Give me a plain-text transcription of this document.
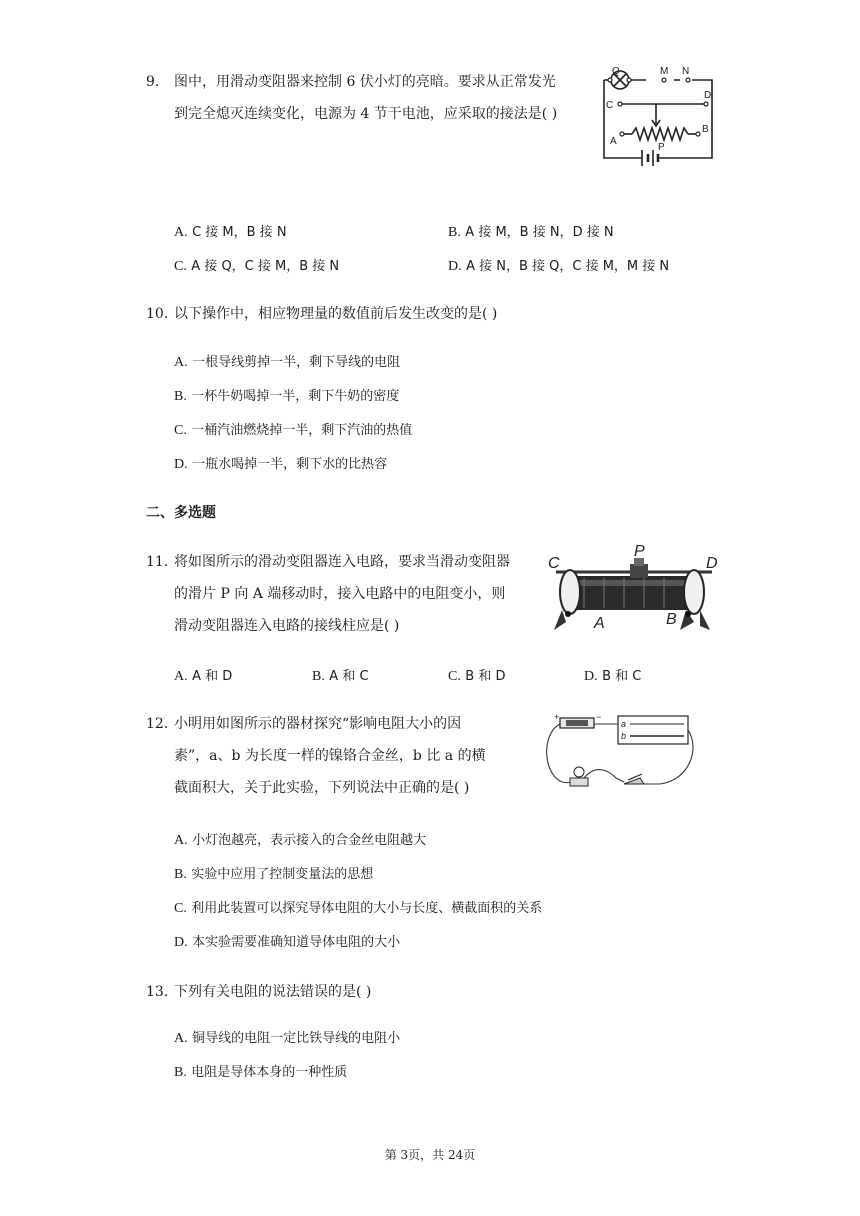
9. 图中，用滑动变阻器来控制 6 伏小灯的亮暗。要求从正常发光
到完全熄灭连续变化，电源为 4 节干电池，应采取的接法是( )
Q	M N
C
D
A
B
P
A. C 接 M，B 接 N	B. A 接 M，B 接 N，D 接 N
C. A 接 Q，C 接 M，B 接 N	D. A 接 N，B 接 Q，C 接 M，M 接 N
10. 以下操作中，相应物理量的数值前后发生改变的是( )
A. 一根导线剪掉一半，剩下导线的电阻
B. 一杯牛奶喝掉一半，剩下牛奶的密度
C. 一桶汽油燃烧掉一半，剩下汽油的热值
D. 一瓶水喝掉一半，剩下水的比热容
二、多选题
11. 将如图所示的滑动变阻器连入电路，要求当滑动变阻器
的滑片 P 向 A 端移动时，接入电路中的电阻变小，则
滑动变阻器连入电路的接线柱应是( )
C
P
D
A	B
A. A 和 D	B. A 和 C	C. B 和 D	D. B 和 C
12. 小明用如图所示的器材探究“影响电阻大小的因
素”，a、b 为长度一样的镍铬合金丝，b 比 a 的横
截面积大，关于此实验，下列说法中正确的是( )
+	−
a
b
A. 小灯泡越亮，表示接入的合金丝电阻越大
B. 实验中应用了控制变量法的思想
C. 利用此装置可以探究导体电阻的大小与长度、横截面积的关系
D. 本实验需要准确知道导体电阻的大小
13. 下列有关电阻的说法错误的是( )
A. 铜导线的电阻一定比铁导线的电阻小
B. 电阻是导体本身的一种性质
第 3页，共 24页
